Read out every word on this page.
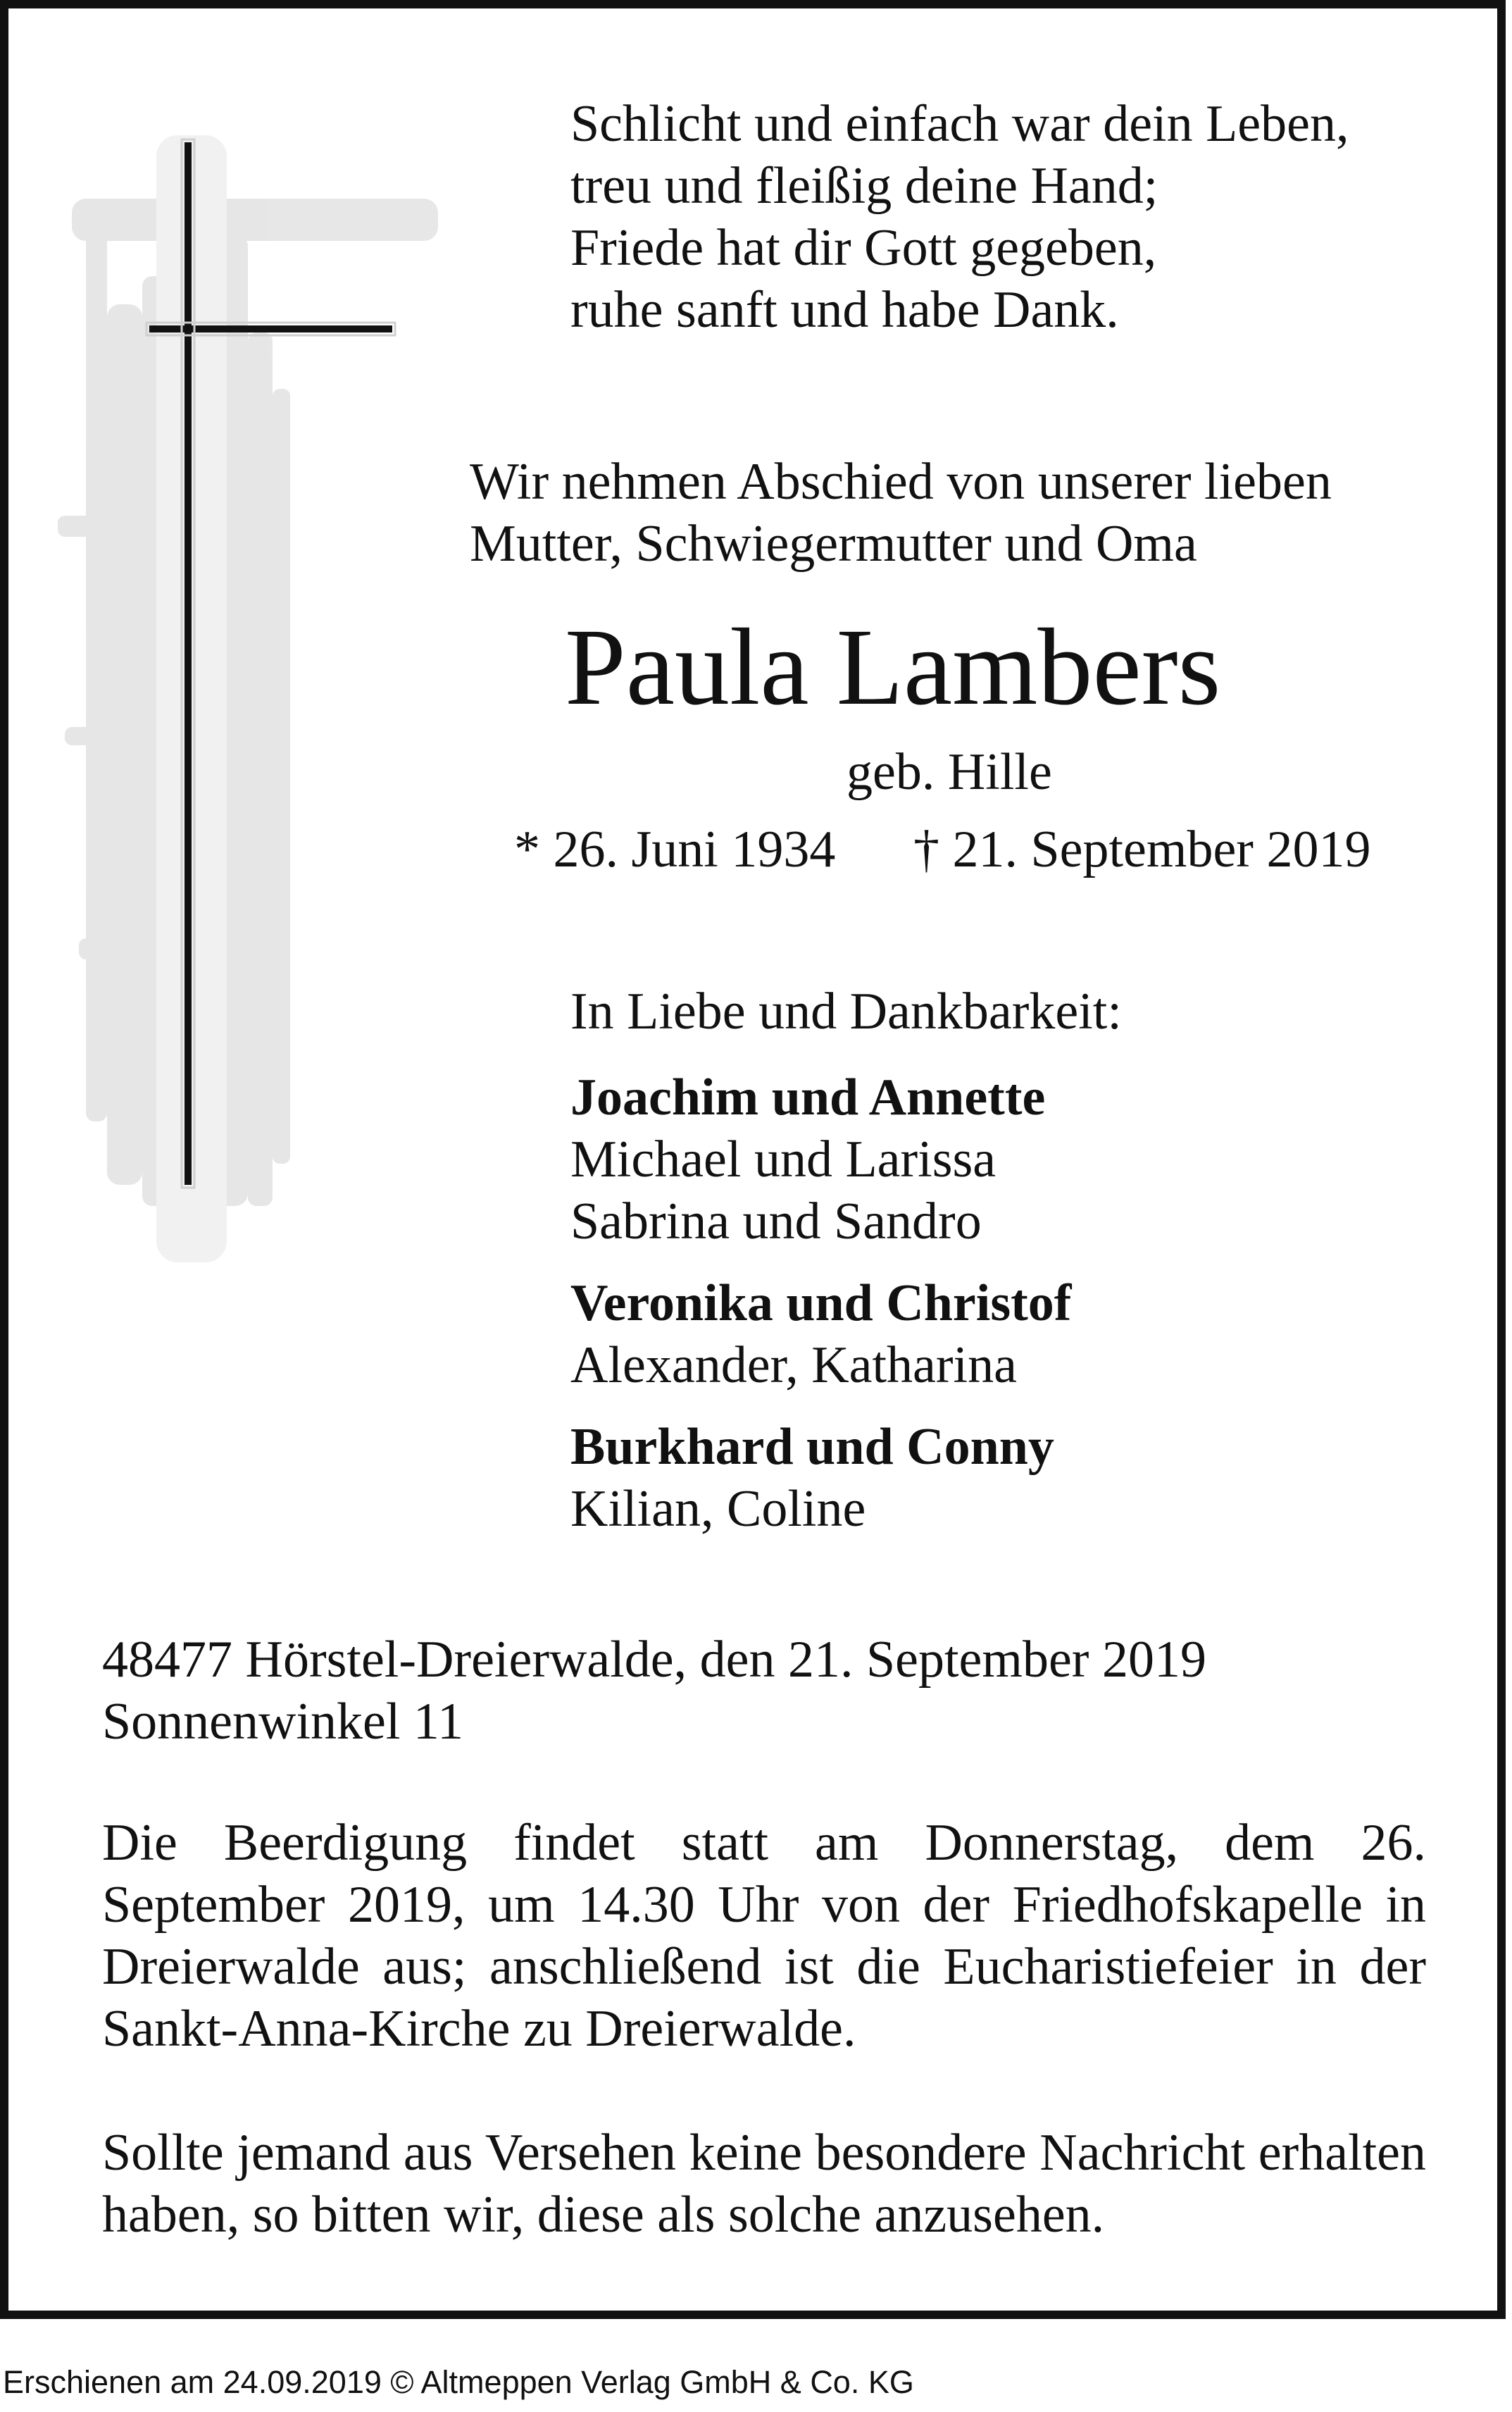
Schlicht und einfach war dein Leben,
treu und fleißig deine Hand;
Friede hat dir Gott gegeben,
ruhe sanft und habe Dank.
Wir nehmen Abschied von unserer lieben
Mutter, Schwiegermutter und Oma
Paula Lambers
geb. Hille
* 26. Juni 1934 † 21. September 2019
In Liebe und Dankbarkeit:
Joachim und Annette
Michael und Larissa
Sabrina und Sandro
Veronika und Christof
Alexander, Katharina
Burkhard und Conny
Kilian, Coline
48477 Hörstel-Dreierwalde, den 21. September 2019
Sonnenwinkel 11
Die Beerdigung findet statt am Donnerstag, dem 26. September 2019, um 14.30 Uhr von der Friedhofskapelle in Dreierwalde aus; anschließend ist die Eucharistiefeier in der Sankt-Anna-Kirche zu Dreierwalde.
Sollte jemand aus Versehen keine besondere Nachricht erhalten haben, so bitten wir, diese als solche anzusehen.
Erschienen am 24.09.2019 © Altmeppen Verlag GmbH & Co. KG
